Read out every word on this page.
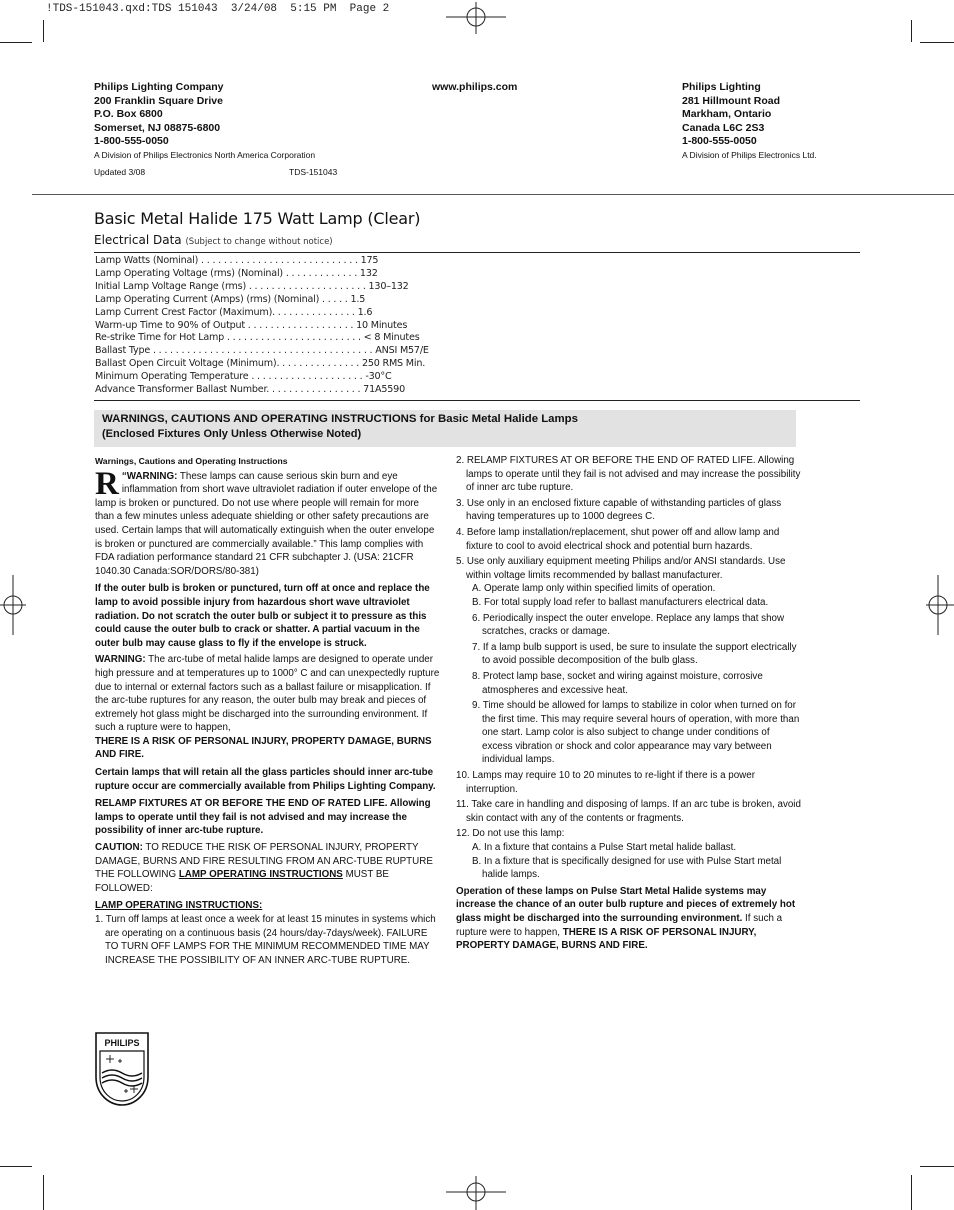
!TDS-151043.qxd:TDS 151043  3/24/08  5:15 PM  Page 2
Philips Lighting Company
200 Franklin Square Drive
P.O. Box 6800
Somerset, NJ 08875-6800
1-800-555-0050
A Division of Philips Electronics North America Corporation
www.philips.com	Philips Lighting
281 Hillmount Road
Markham, Ontario
Canada L6C 2S3
1-800-555-0050
A Division of Philips Electronics Ltd.
Updated 3/08	TDS-151043
Basic Metal Halide 175 Watt Lamp (Clear)
Electrical Data (Subject to change without notice)
Lamp Watts (Nominal) . . . . . . . . . . . . . . . . . . . . . . . . . . . . 175
Lamp Operating Voltage (rms) (Nominal) . . . . . . . . . . . . . 132
Initial Lamp Voltage Range (rms) . . . . . . . . . . . . . . . . . . . . . 130–132
Lamp Operating Current (Amps) (rms) (Nominal) . . . . . 1.5
Lamp Current Crest Factor (Maximum). . . . . . . . . . . . . . . 1.6
Warm-up Time to 90% of Output . . . . . . . . . . . . . . . . . . . 10 Minutes
Re-strike Time for Hot Lamp . . . . . . . . . . . . . . . . . . . . . . . . < 8 Minutes
Ballast Type . . . . . . . . . . . . . . . . . . . . . . . . . . . . . . . . . . . . . . . ANSI M57/E
Ballast Open Circuit Voltage (Minimum). . . . . . . . . . . . . . . 250 RMS Min.
Minimum Operating Temperature . . . . . . . . . . . . . . . . . . . . -30°C
Advance Transformer Ballast Number. . . . . . . . . . . . . . . . . 71A5590
WARNINGS, CAUTIONS AND OPERATING INSTRUCTIONS for Basic Metal Halide Lamps
(Enclosed Fixtures Only Unless Otherwise Noted)

Warnings, Cautions and Operating Instructions

R “WARNING: These lamps can cause serious skin burn and eye inflammation from short wave ultraviolet radiation if outer envelope of the lamp is broken or punctured. Do not use where people will remain for more than a few minutes unless adequate shielding or other safety precautions are used. Certain lamps that will automatically extinguish when the outer envelope is broken or punctured are commercially available.” This lamp complies with FDA radiation performance standard 21 CFR subchapter J. (USA: 21CFR 1040.30 Canada:SOR/DORS/80-381)

If the outer bulb is broken or punctured, turn off at once and replace the lamp to avoid possible injury from hazardous short wave ultraviolet radiation. Do not scratch the outer bulb or subject it to pressure as this could cause the outer bulb to crack or shatter. A partial vacuum in the outer bulb may cause glass to fly if the envelope is struck.

WARNING: The arc-tube of metal halide lamps are designed to operate under high pressure and at temperatures up to 1000° C and can unexpectedly rupture due to internal or external factors such as a ballast failure or misapplication. If the arc-tube ruptures for any reason, the outer bulb may break and pieces of extremely hot glass might be discharged into the surrounding environment. If such a rupture were to happen,

THERE IS A RISK OF PERSONAL INJURY, PROPERTY DAMAGE, BURNS AND FIRE.

Certain lamps that will retain all the glass particles should inner arc-tube rupture occur are commercially available from Philips Lighting Company.

RELAMP FIXTURES AT OR BEFORE THE END OF RATED LIFE. Allowing lamps to operate until they fail is not advised and may increase the possibility of inner arc-tube rupture.

CAUTION: TO REDUCE THE RISK OF PERSONAL INJURY, PROPERTY DAMAGE, BURNS AND FIRE RESULTING FROM AN ARC-TUBE RUPTURE THE FOLLOWING LAMP OPERATING INSTRUCTIONS MUST BE FOLLOWED:

LAMP OPERATING INSTRUCTIONS:

1. Turn off lamps at least once a week for at least 15 minutes in systems which are operating on a continuous basis (24 hours/day-7days/week). FAILURE TO TURN OFF LAMPS FOR THE MINIMUM RECOMMENDED TIME MAY INCREASE THE POSSIBILITY OF AN INNER ARC-TUBE RUPTURE.

2. RELAMP FIXTURES AT OR BEFORE THE END OF RATED LIFE. Allowing lamps to operate until they fail is not advised and may increase the possibility of inner arc tube rupture.

3. Use only in an enclosed fixture capable of withstanding particles of glass having temperatures up to 1000 degrees C.

4. Before lamp installation/replacement, shut power off and allow lamp and fixture to cool to avoid electrical shock and potential burn hazards.

5. Use only auxiliary equipment meeting Philips and/or ANSI standards. Use within voltage limits recommended by ballast manufacturer.

A. Operate lamp only within specified limits of operation.

B. For total supply load refer to ballast manufacturers electrical data.

6. Periodically inspect the outer envelope. Replace any lamps that show scratches, cracks or damage.

7. If a lamp bulb support is used, be sure to insulate the support electrically to avoid possible decomposition of the bulb glass.

8. Protect lamp base, socket and wiring against moisture, corrosive atmospheres and excessive heat.

9. Time should be allowed for lamps to stabilize in color when turned on for the first time. This may require several hours of operation, with more than one start. Lamp color is also subject to change under conditions of excess vibration or shock and color appearance may vary between individual lamps.

10. Lamps may require 10 to 20 minutes to re-light if there is a power interruption.

11. Take care in handling and disposing of lamps. If an arc tube is broken, avoid skin contact with any of the contents or fragments.

12. Do not use this lamp:

A. In a fixture that contains a Pulse Start metal halide ballast.

B. In a fixture that is specifically designed for use with Pulse Start metal halide lamps.

Operation of these lamps on Pulse Start Metal Halide systems may increase the chance of an outer bulb rupture and pieces of extremely hot glass might be discharged into the surrounding environment. If such a rupture were to happen, THERE IS A RISK OF PERSONAL INJURY, PROPERTY DAMAGE, BURNS AND FIRE.

PHILIPS
